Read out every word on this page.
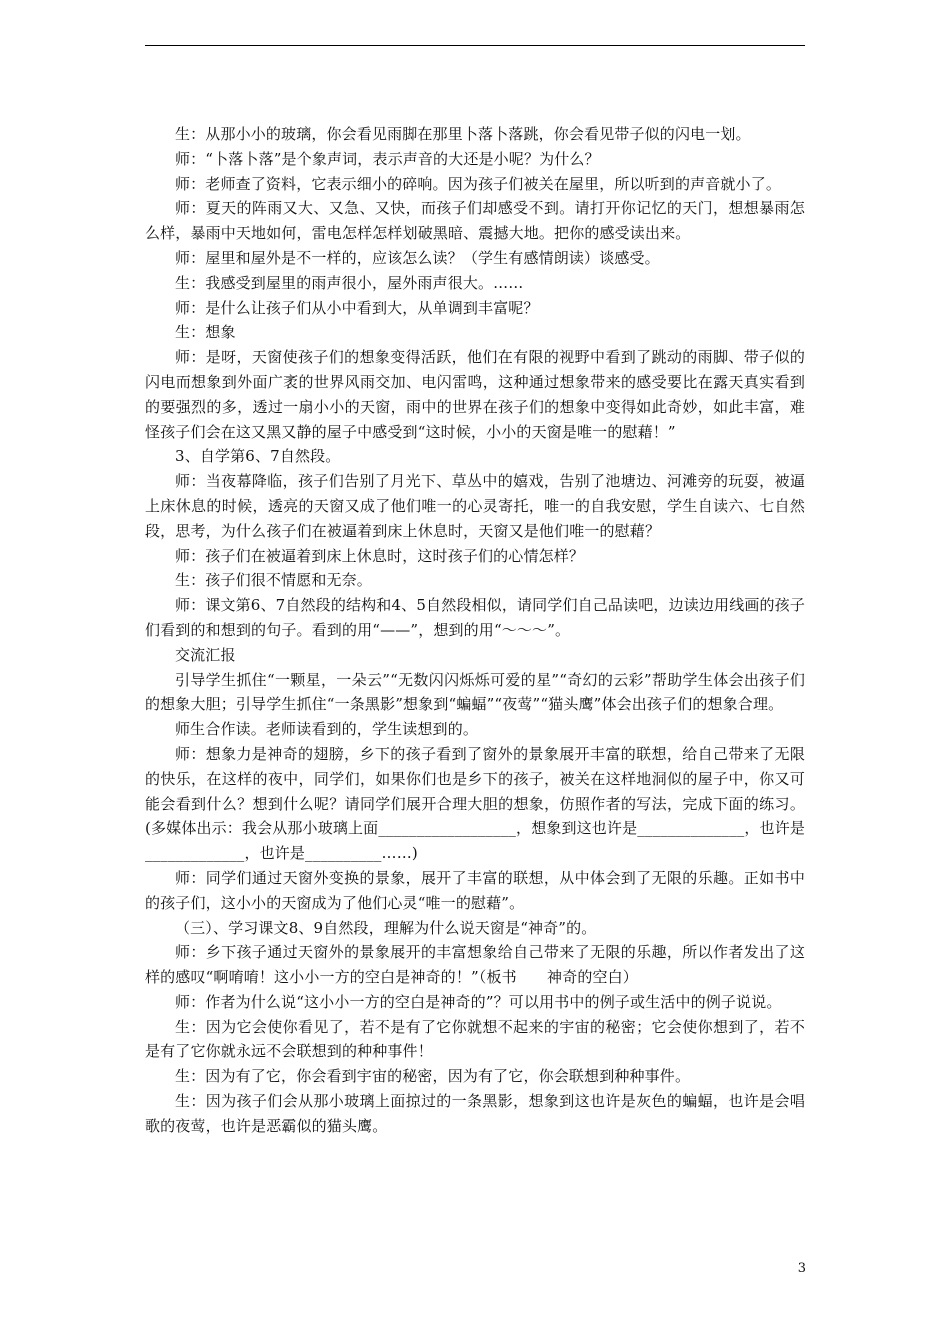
生：从那小小的玻璃，你会看见雨脚在那里卜落卜落跳，你会看见带子似的闪电一划。

师：“卜落卜落”是个象声词，表示声音的大还是小呢？为什么？

师：老师查了资料，它表示细小的碎响。因为孩子们被关在屋里，所以听到的声音就小了。

师：夏天的阵雨又大、又急、又快，而孩子们却感受不到。请打开你记忆的天门，想想暴雨怎么样，暴雨中天地如何，雷电怎样怎样划破黑暗、震撼大地。把你的感受读出来。

师：屋里和屋外是不一样的，应该怎么读？（学生有感情朗读）谈感受。

生：我感受到屋里的雨声很小，屋外雨声很大。……

师：是什么让孩子们从小中看到大，从单调到丰富呢？

生：想象

师：是呀，天窗使孩子们的想象变得活跃，他们在有限的视野中看到了跳动的雨脚、带子似的闪电而想象到外面广袤的世界风雨交加、电闪雷鸣，这种通过想象带来的感受要比在露天真实看到的要强烈的多，透过一扇小小的天窗，雨中的世界在孩子们的想象中变得如此奇妙，如此丰富，难怪孩子们会在这又黑又静的屋子中感受到“这时候，小小的天窗是唯一的慰藉！”

3、自学第6、7自然段。

师：当夜幕降临，孩子们告别了月光下、草丛中的嬉戏，告别了池塘边、河滩旁的玩耍，被逼上床休息的时候，透亮的天窗又成了他们唯一的心灵寄托，唯一的自我安慰，学生自读六、七自然段，思考，为什么孩子们在被逼着到床上休息时，天窗又是他们唯一的慰藉？

师：孩子们在被逼着到床上休息时，这时孩子们的心情怎样？

生：孩子们很不情愿和无奈。

师：课文第6、7自然段的结构和4、5自然段相似，请同学们自己品读吧，边读边用线画的孩子们看到的和想到的句子。看到的用“——”，想到的用“～～～”。

交流汇报

引导学生抓住“一颗星，一朵云”“无数闪闪烁烁可爱的星”“奇幻的云彩”帮助学生体会出孩子们的想象大胆；引导学生抓住“一条黑影”想象到“蝙蝠”“夜莺”“猫头鹰”体会出孩子们的想象合理。

师生合作读。老师读看到的，学生读想到的。

师：想象力是神奇的翅膀，乡下的孩子看到了窗外的景象展开丰富的联想，给自己带来了无限的快乐，在这样的夜中，同学们，如果你们也是乡下的孩子，被关在这样地洞似的屋子中，你又可能会看到什么？想到什么呢？请同学们展开合理大胆的想象，仿照作者的写法，完成下面的练习。(多媒体出示：我会从那小玻璃上面__________________，想象到这也许是______________，也许是_____________，也许是__________……)

师：同学们通过天窗外变换的景象，展开了丰富的联想，从中体会到了无限的乐趣。正如书中的孩子们，这小小的天窗成为了他们心灵“唯一的慰藉”。

（三）、学习课文8、9自然段，理解为什么说天窗是“神奇”的。

师：乡下孩子通过天窗外的景象展开的丰富想象给自己带来了无限的乐趣，所以作者发出了这样的感叹“啊唷唷！这小小一方的空白是神奇的！”（板书　　神奇的空白）

师：作者为什么说“这小小一方的空白是神奇的”？可以用书中的例子或生活中的例子说说。

生：因为它会使你看见了，若不是有了它你就想不起来的宇宙的秘密；它会使你想到了，若不是有了它你就永远不会联想到的种种事件！

生：因为有了它，你会看到宇宙的秘密，因为有了它，你会联想到种种事件。

生：因为孩子们会从那小玻璃上面掠过的一条黑影，想象到这也许是灰色的蝙蝠，也许是会唱歌的夜莺，也许是恶霸似的猫头鹰。

3
